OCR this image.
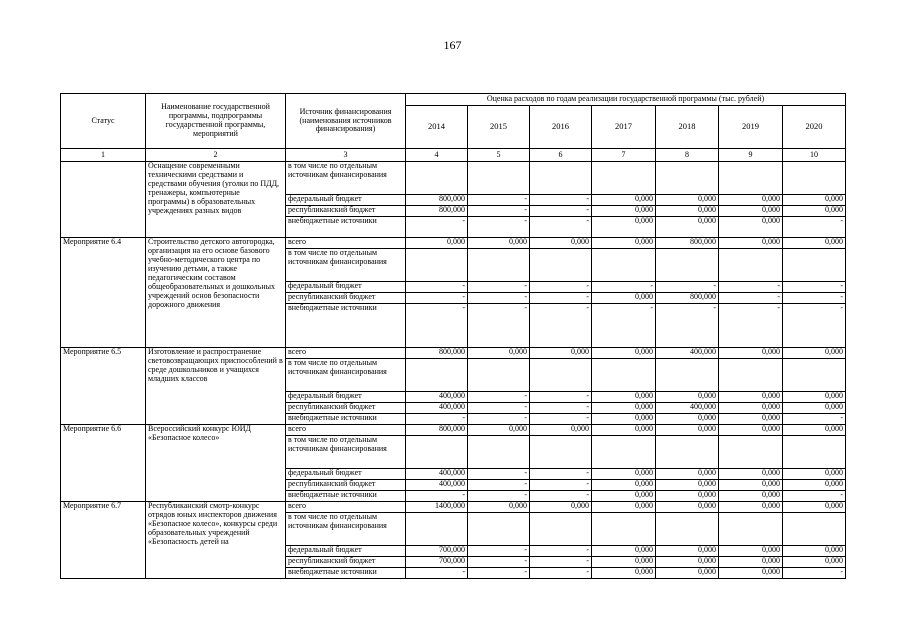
167
Статус	Наименование государственной программы, подпрограммы государственной программы, мероприятий	Источник финансирования (наименования источников финансирования)	Оценка расходов по годам реализации государственной программы (тыс. рублей)						
			2014	2015	2016	2017	2018	2019	2020
1	2	3	4	5	6	7	8	9	10
	Оснащение современными техническими средствами и средствами обучения (уголки по ПДД, тренажеры, компьютерные программы) в образовательных учреждениях разных видов	в том числе по отдельным источникам финансирования							
		федеральный бюджет	800,000	-	-	0,000	0,000	0,000	0,000
		республиканский бюджет	800,000	-	-	0,000	0,000	0,000	0,000
		внебюджетные источники	-	-	-	0,000	0,000	0,000	-
Мероприятие 6.4	Строительство детского автогородка, организация на его основе базового учебно-методического центра по изучению детьми, а также педагогическим составом общеобразовательных и дошкольных учреждений основ безопасности дорожного движения	всего	0,000	0,000	0,000	0,000	800,000	0,000	0,000
		в том числе по отдельным источникам финансирования							
		федеральный бюджет	-	-	-	-	-	-	-
		республиканский бюджет	-	-	-	0,000	800,000	-	-
		внебюджетные источники	-	-	-	-	-	-	-
Мероприятие 6.5	Изготовление и распространение световозвращающих приспособлений в среде дошкольников и учащихся младших классов	всего	800,000	0,000	0,000	0,000	400,000	0,000	0,000
		в том числе по отдельным источникам финансирования							
		федеральный бюджет	400,000	-	-	0,000	0,000	0,000	0,000
		республиканский бюджет	400,000	-	-	0,000	400,000	0,000	0,000
		внебюджетные источники	-	-	-	0,000	0,000	0,000	-
Мероприятие 6.6	Всероссийский конкурс ЮИД «Безопасное колесо»	всего	800,000	0,000	0,000	0,000	0,000	0,000	0,000
		в том числе по отдельным источникам финансирования							
		федеральный бюджет	400,000	-	-	0,000	0,000	0,000	0,000
		республиканский бюджет	400,000	-	-	0,000	0,000	0,000	0,000
		внебюджетные источники	-	-	-	0,000	0,000	0,000	-
Мероприятие 6.7	Республиканский смотр-конкурс отрядов юных инспекторов движения «Безопасное колесо», конкурсы среди образовательных учреждений «Безопасность детей на	всего	1400,000	0,000	0,000	0,000	0,000	0,000	0,000
		в том числе по отдельным источникам финансирования							
		федеральный бюджет	700,000	-	-	0,000	0,000	0,000	0,000
		республиканский бюджет	700,000	-	-	0,000	0,000	0,000	0,000
		внебюджетные источники	-	-	-	0,000	0,000	0,000	-
